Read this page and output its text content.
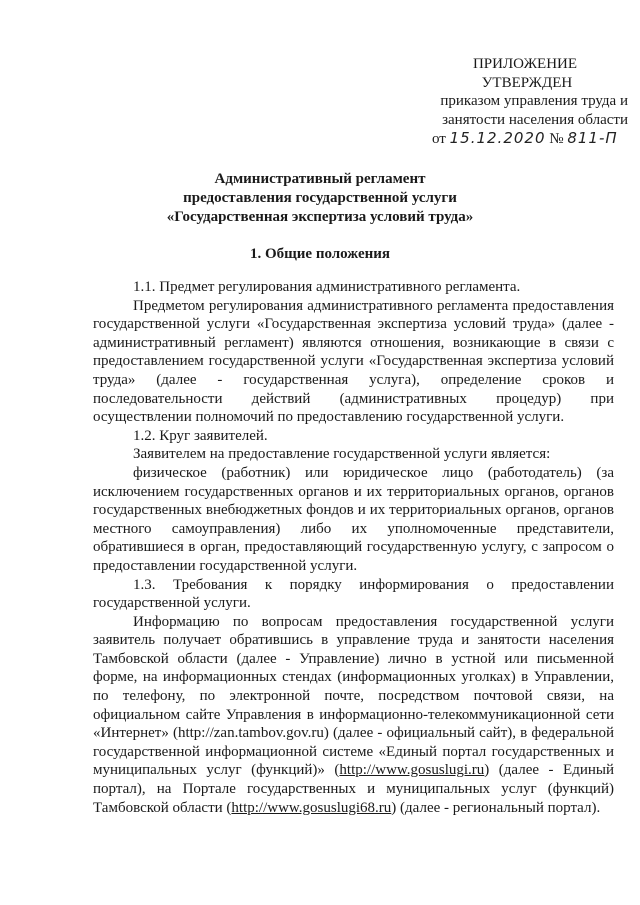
ПРИЛОЖЕНИЕ
УТВЕРЖДЕН
приказом управления труда и
занятости населения области
от 15.12.2020 № 811-П
Административный регламент
предоставления государственной услуги
«Государственная экспертиза условий труда»
1. Общие положения

1.1. Предмет регулирования административного регламента.

Предметом регулирования административного регламента предоставления государственной услуги «Государственная экспертиза условий труда» (далее - административный регламент) являются отношения, возникающие в связи с предоставлением государственной услуги «Государственная экспертиза условий труда» (далее - государственная услуга), определение сроков и последовательности действий (административных процедур) при осуществлении полномочий по предоставлению государственной услуги.

1.2. Круг заявителей.

Заявителем на предоставление государственной услуги является:

физическое (работник) или юридическое лицо (работодатель) (за исключением государственных органов и их территориальных органов, органов государственных внебюджетных фондов и их территориальных органов, органов местного самоуправления) либо их уполномоченные представители, обратившиеся в орган, предоставляющий государственную услугу, с запросом о предоставлении государственной услуги.

1.3. Требования к порядку информирования о предоставлении государственной услуги.

Информацию по вопросам предоставления государственной услуги заявитель получает обратившись в управление труда и занятости населения Тамбовской области (далее - Управление) лично в устной или письменной форме, на информационных стендах (информационных уголках) в Управлении, по телефону, по электронной почте, посредством почтовой связи, на официальном сайте Управления в информационно-телекоммуникационной сети «Интернет» (http://zan.tambov.gov.ru) (далее - официальный сайт), в федеральной государственной информационной системе «Единый портал государственных и муниципальных услуг (функций)» (http://www.gosuslugi.ru) (далее - Единый портал), на Портале государственных и муниципальных услуг (функций) Тамбовской области (http://www.gosuslugi68.ru) (далее - региональный портал).
